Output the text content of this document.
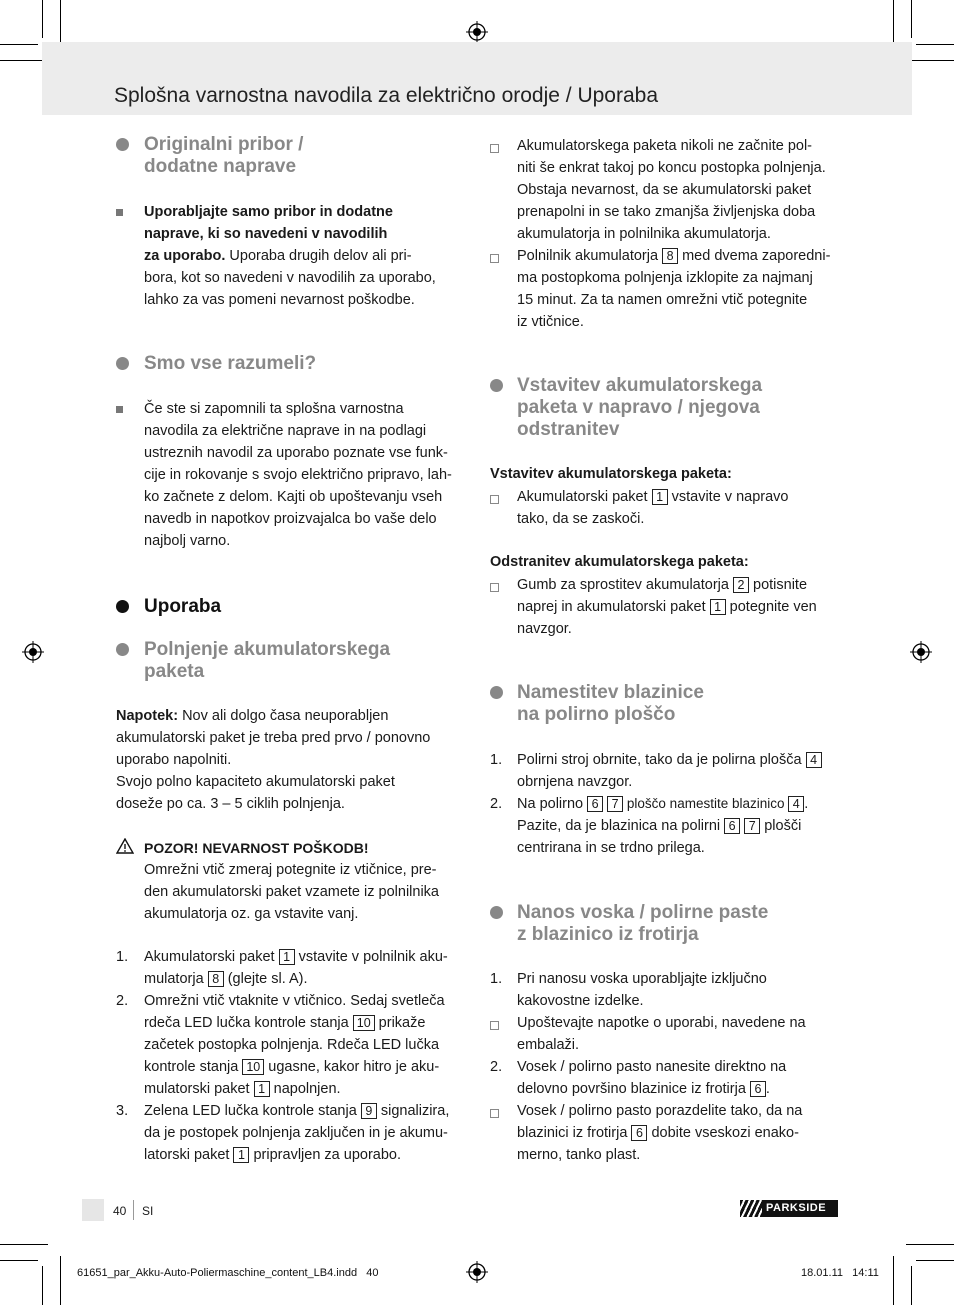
Splošna varnostna navodila za električno orodje / Uporaba
Originalni pribor /
dodatne naprave
Uporabljajte samo pribor in dodatne
naprave, ki so navedeni v navodilih
za uporabo. Uporaba drugih delov ali pri-
bora, kot so navedeni v navodilih za uporabo,
lahko za vas pomeni nevarnost poškodbe.
Smo vse razumeli?
Če ste si zapomnili ta splošna varnostna
navodila za električne naprave in na podlagi
ustreznih navodil za uporabo poznate vse funk-
cije in rokovanje s svojo električno pripravo, lah-
ko začnete z delom. Kajti ob upoštevanju vseh
navedb in napotkov proizvajalca bo vaše delo
najbolj varno.
Uporaba
Polnjenje akumulatorskega
paketa
Napotek: Nov ali dolgo časa neuporabljen
akumulatorski paket je treba pred prvo / ponovno
uporabo napolniti.
Svojo polno kapaciteto akumulatorski paket
doseže po ca. 3 – 5 ciklih polnjenja.
POZOR! NEVARNOST POŠKODB!
Omrežni vtič zmeraj potegnite iz vtičnice, pre-
den akumulatorski paket vzamete iz polnilnika
akumulatorja oz. ga vstavite vanj.
1. Akumulatorski paket 1 vstavite v polnilnik aku-
mulatorja 8 (glejte sl. A).
2. Omrežni vtič vtaknite v vtičnico. Sedaj svetleča
rdeča LED lučka kontrole stanja 10 prikaže
začetek postopka polnjenja. Rdeča LED lučka
kontrole stanja 10 ugasne, kakor hitro je aku-
mulatorski paket 1 napolnjen.
3. Zelena LED lučka kontrole stanja 9 signalizira,
da je postopek polnjenja zaključen in je akumu-
latorski paket 1 pripravljen za uporabo.
Akumulatorskega paketa nikoli ne začnite pol-
niti še enkrat takoj po koncu postopka polnjenja.
Obstaja nevarnost, da se akumulatorski paket
prenapolni in se tako zmanjša življenjska doba
akumulatorja in polnilnika akumulatorja.
Polnilnik akumulatorja 8 med dvema zaporedni-
ma postopkoma polnjenja izklopite za najmanj
15 minut. Za ta namen omrežni vtič potegnite
iz vtičnice.
Vstavitev akumulatorskega
paketa v napravo / njegova
odstranitev
Vstavitev akumulatorskega paketa:
Akumulatorski paket 1 vstavite v napravo
tako, da se zaskoči.
Odstranitev akumulatorskega paketa:
Gumb za sprostitev akumulatorja 2 potisnite
naprej in akumulatorski paket 1 potegnite ven
navzgor.
Namestitev blazinice
na polirno ploščo
1. Polirni stroj obrnite, tako da je polirna plošča 4
obrnjena navzgor.
2. Na polirno 6 7 ploščo namestite blazinico 4 .
Pazite, da je blazinica na polirni 6 7 plošči
centrirana in se trdno prilega.
Nanos voska / polirne paste
z blazinico iz frotirja
1. Pri nanosu voska uporabljajte izključno
kakovostne izdelke.
Upoštevajte napotke o uporabi, navedene na
embalaži.
2. Vosek / polirno pasto nanesite direktno na
delovno površino blazinice iz frotirja 6 .
Vosek / polirno pasto porazdelite tako, da na
blazinici iz frotirja 6 dobite vseskozi enako-
merno, tanko plast.
40 SI	PARKSIDE
61651_par_Akku-Auto-Poliermaschine_content_LB4.indd   40	18.01.11   14:11
